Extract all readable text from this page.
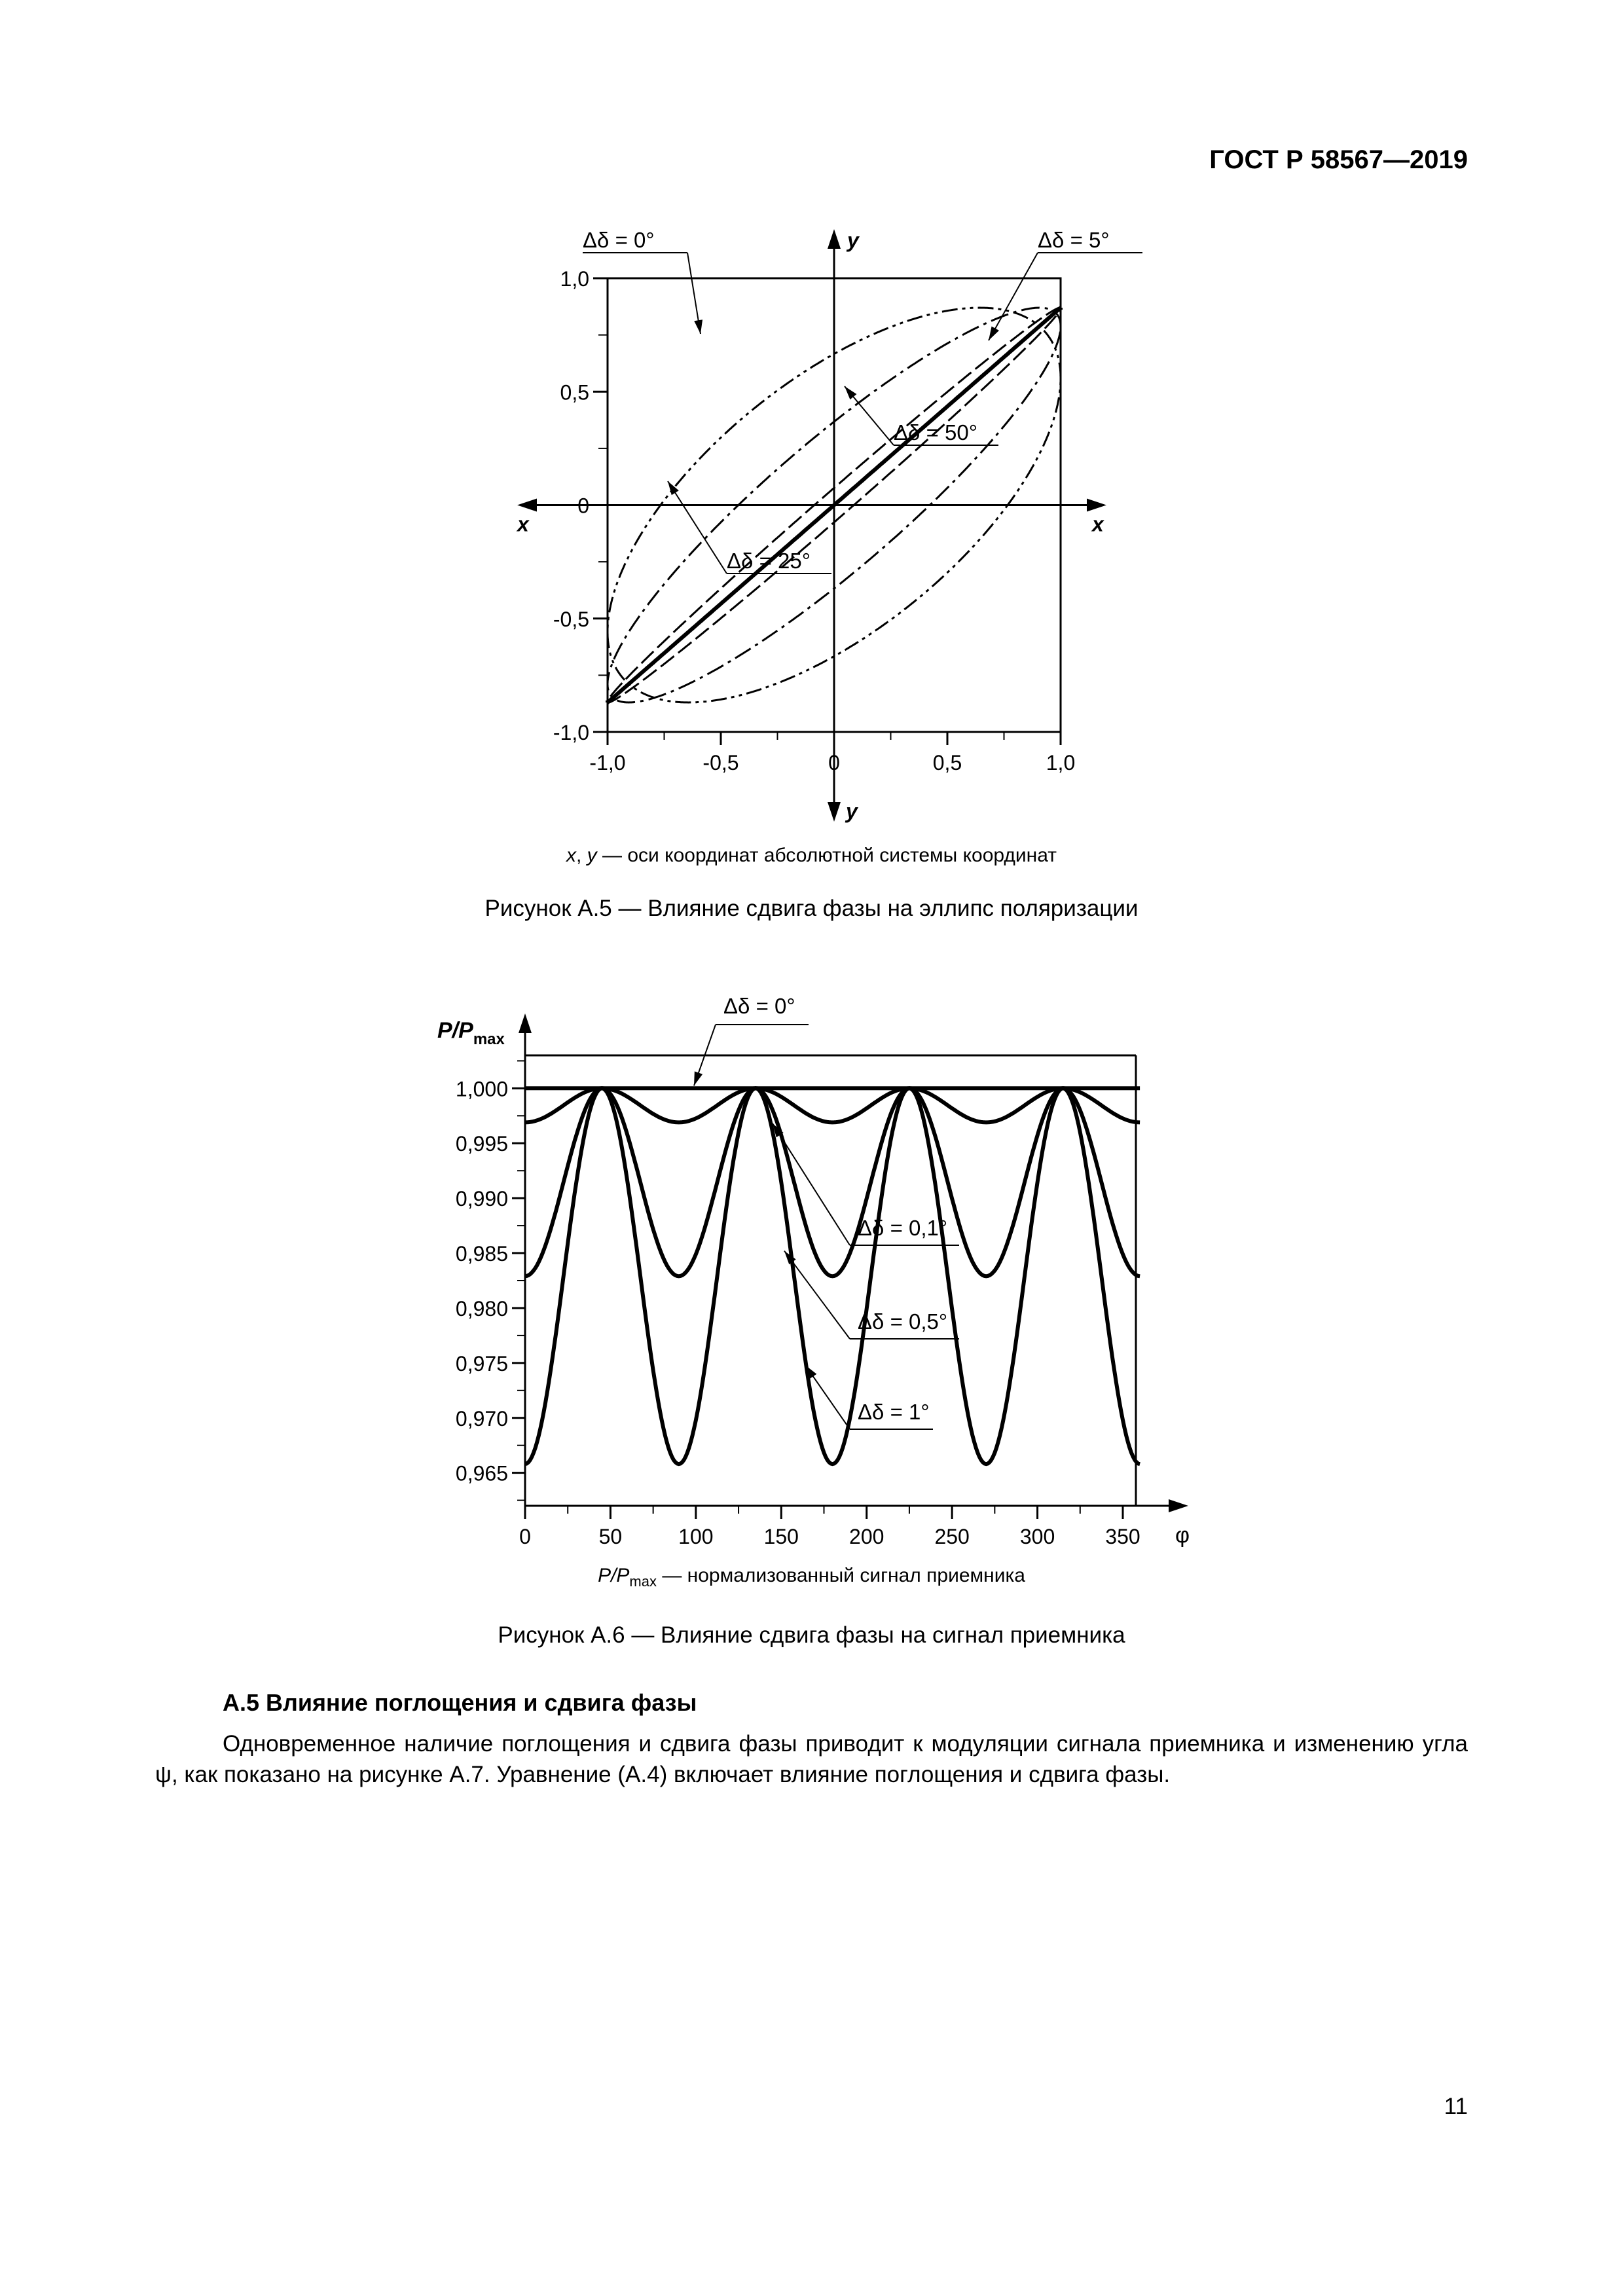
ГОСТ Р 58567—2019
x	x
y
y
1,0
0,5
0
-0,5
-1,0
-1,0	-0,5	0	0,5	1,0
Δδ = 0°	Δδ = 5°
Δδ = 50°
Δδ = 25°
x, y — оси координат абсолютной системы координат
Рисунок А.5 — Влияние сдвига фазы на эллипс поляризации
φ
$P/P_{max}$
1,000
0,995
0,990
0,985
0,980
0,975
0,970
0,965
0	50	100 150 200 250 300 350
Δδ = 0°
Δδ = 0,1°
Δδ = 0,5°
Δδ = 1°
$P/P_{max}$ — нормализованный сигнал приемника
Рисунок А.6 — Влияние сдвига фазы на сигнал приемника
А.5 Влияние поглощения и сдвига фазы
Одновременное наличие поглощения и сдвига фазы приводит к модуляции сигнала приемника и изменению угла ψ, как показано на рисунке А.7. Уравнение (А.4) включает влияние поглощения и сдвига фазы.
11
